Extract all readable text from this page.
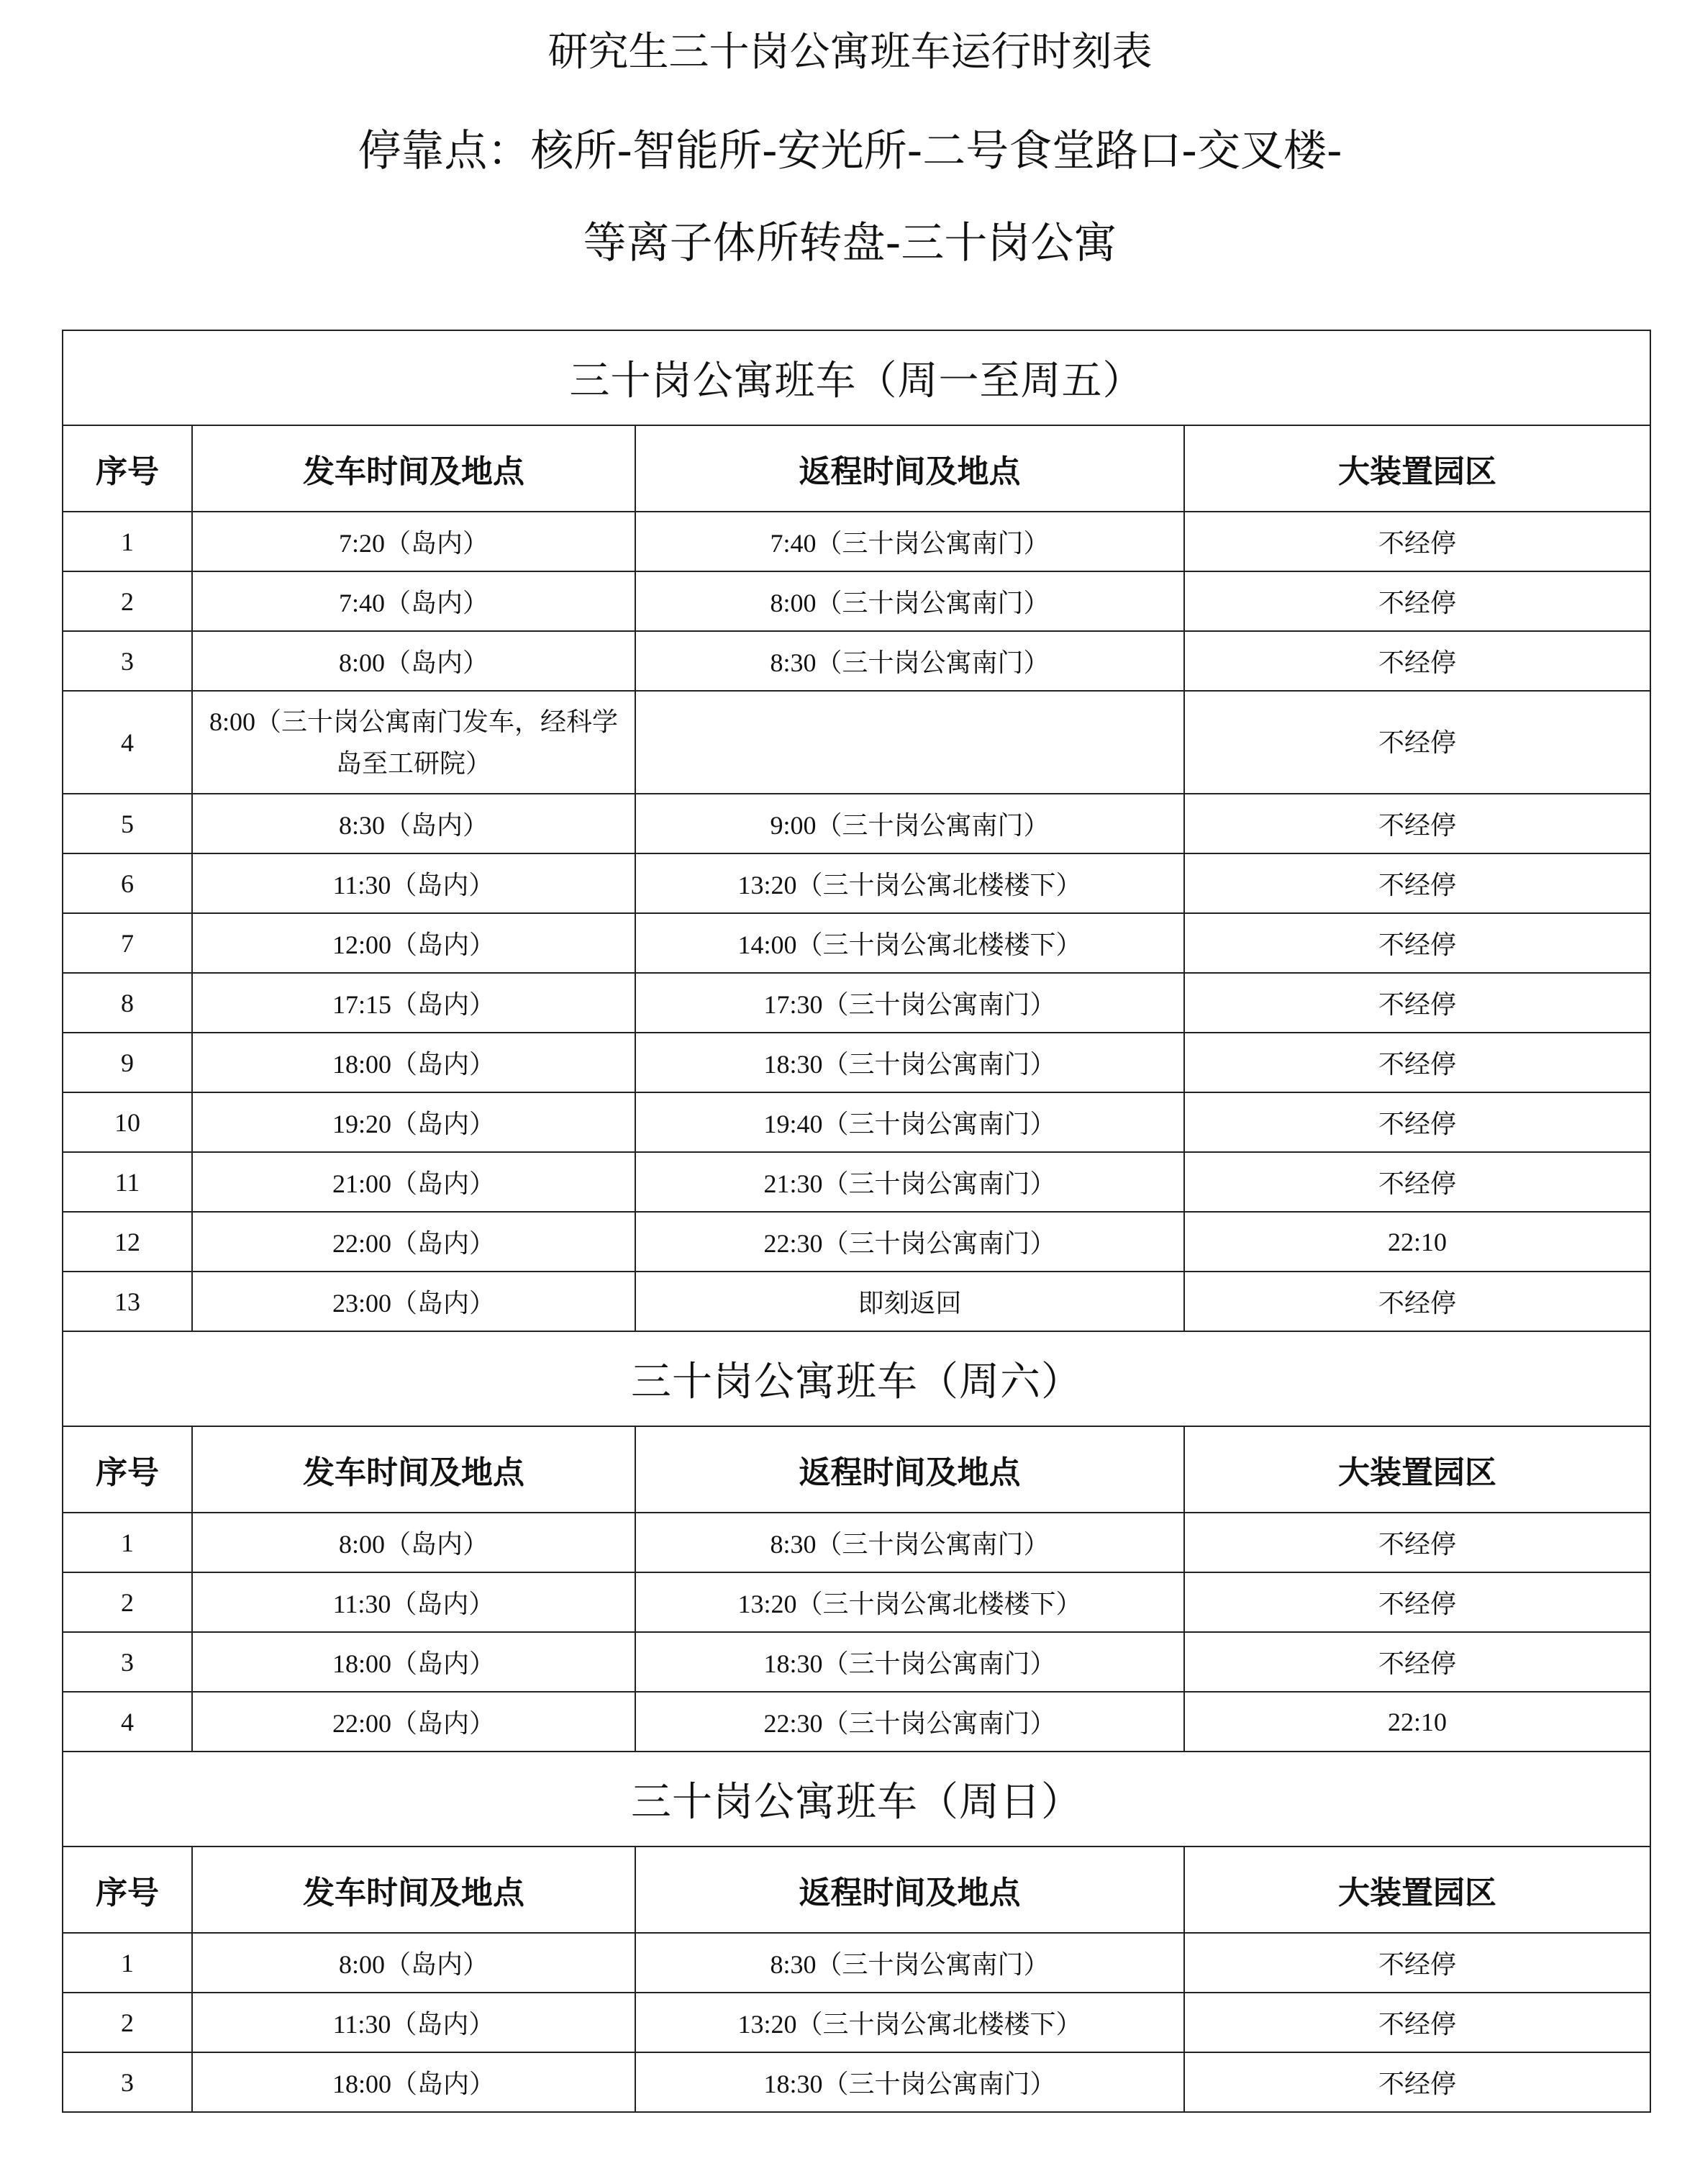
研究生三十岗公寓班车运行时刻表
停靠点：核所-智能所-安光所-二号食堂路口-交叉楼-
等离子体所转盘-三十岗公寓
三十岗公寓班车（周一至周五）			
序号	发车时间及地点	返程时间及地点	大装置园区
1	7:20（岛内）	7:40（三十岗公寓南门）	不经停
2	7:40（岛内）	8:00（三十岗公寓南门）	不经停
3	8:00（岛内）	8:30（三十岗公寓南门）	不经停
4	8:00（三十岗公寓南门发车，经科学岛至工研院）		不经停
5	8:30（岛内）	9:00（三十岗公寓南门）	不经停
6	11:30（岛内）	13:20（三十岗公寓北楼楼下）	不经停
7	12:00（岛内）	14:00（三十岗公寓北楼楼下）	不经停
8	17:15（岛内）	17:30（三十岗公寓南门）	不经停
9	18:00（岛内）	18:30（三十岗公寓南门）	不经停
10	19:20（岛内）	19:40（三十岗公寓南门）	不经停
11	21:00（岛内）	21:30（三十岗公寓南门）	不经停
12	22:00（岛内）	22:30（三十岗公寓南门）	22:10
13	23:00（岛内）	即刻返回	不经停
三十岗公寓班车（周六）			
序号	发车时间及地点	返程时间及地点	大装置园区
1	8:00（岛内）	8:30（三十岗公寓南门）	不经停
2	11:30（岛内）	13:20（三十岗公寓北楼楼下）	不经停
3	18:00（岛内）	18:30（三十岗公寓南门）	不经停
4	22:00（岛内）	22:30（三十岗公寓南门）	22:10
三十岗公寓班车（周日）			
序号	发车时间及地点	返程时间及地点	大装置园区
1	8:00（岛内）	8:30（三十岗公寓南门）	不经停
2	11:30（岛内）	13:20（三十岗公寓北楼楼下）	不经停
3	18:00（岛内）	18:30（三十岗公寓南门）	不经停
